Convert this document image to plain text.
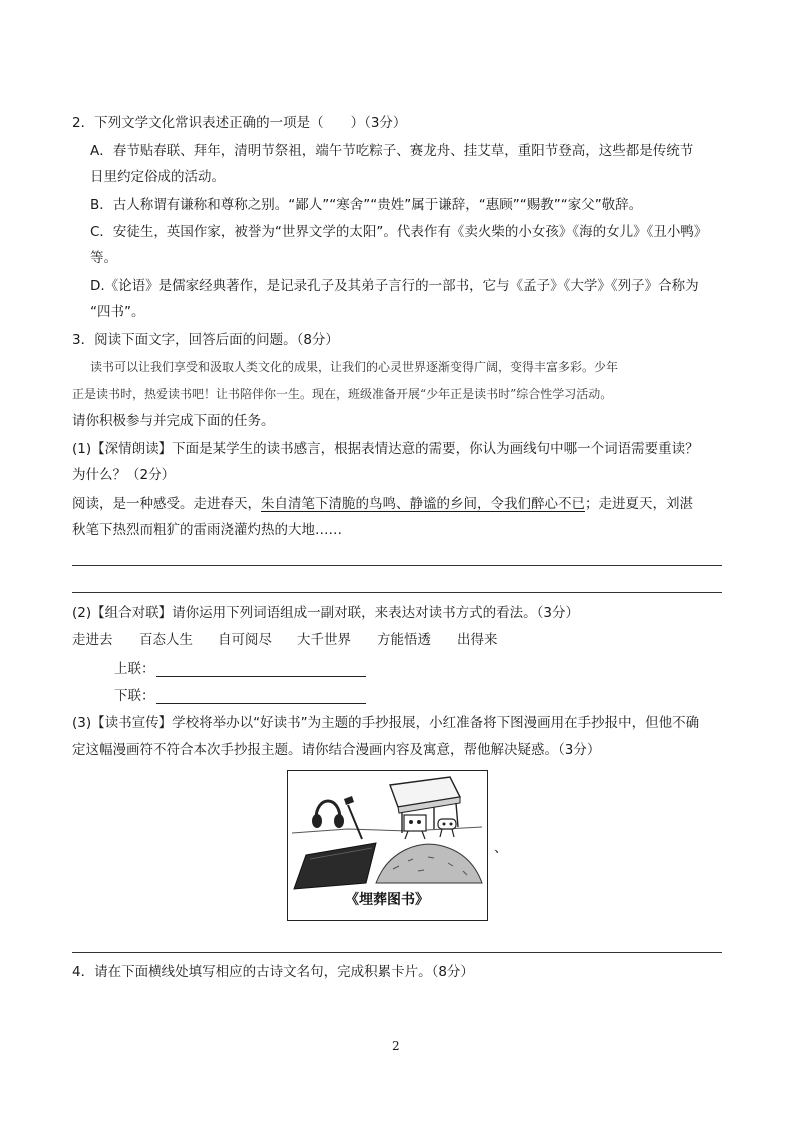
2．下列文学文化常识表述正确的一项是（　　）（3分）
A．春节贴春联、拜年，清明节祭祖，端午节吃粽子、赛龙舟、挂艾草，重阳节登高，这些都是传统节
日里约定俗成的活动。
B．古人称谓有谦称和尊称之别。“鄙人”“寒舍”“贵姓”属于谦辞，“惠顾”“赐教”“家父”敬辞。
C．安徒生，英国作家，被誉为“世界文学的太阳”。代表作有《卖火柴的小女孩》《海的女儿》《丑小鸭》
等。
D.《论语》是儒家经典著作，是记录孔子及其弟子言行的一部书，它与《孟子》《大学》《列子》合称为
“四书”。
3．阅读下面文字，回答后面的问题。（8分）
读书可以让我们享受和汲取人类文化的成果，让我们的心灵世界逐渐变得广阔，变得丰富多彩。少年
正是读书时，热爱读书吧！让书陪伴你一生。现在，班级准备开展“少年正是读书时”综合性学习活动。
请你积极参与并完成下面的任务。
(1)【深情朗读】下面是某学生的读书感言，根据表情达意的需要，你认为画线句中哪一个词语需要重读？
为什么？（2分）
阅读，是一种感受。走进春天，朱自清笔下清脆的鸟鸣、静谧的乡间，令我们醉心不已；走进夏天，刘湛
秋笔下热烈而粗犷的雷雨浇灌灼热的大地……
(2)【组合对联】请你运用下列词语组成一副对联，来表达对读书方式的看法。（3分）
走进去 百态人生 自可阅尽 大千世界 方能悟透 出得来
上联：
下联：
(3)【读书宣传】学校将举办以“好读书”为主题的手抄报展，小红准备将下图漫画用在手抄报中，但他不确
定这幅漫画符不符合本次手抄报主题。请你结合漫画内容及寓意，帮他解决疑惑。（3分）
《埋葬图书》
、
4．请在下面横线处填写相应的古诗文名句，完成积累卡片。（8分）
2
